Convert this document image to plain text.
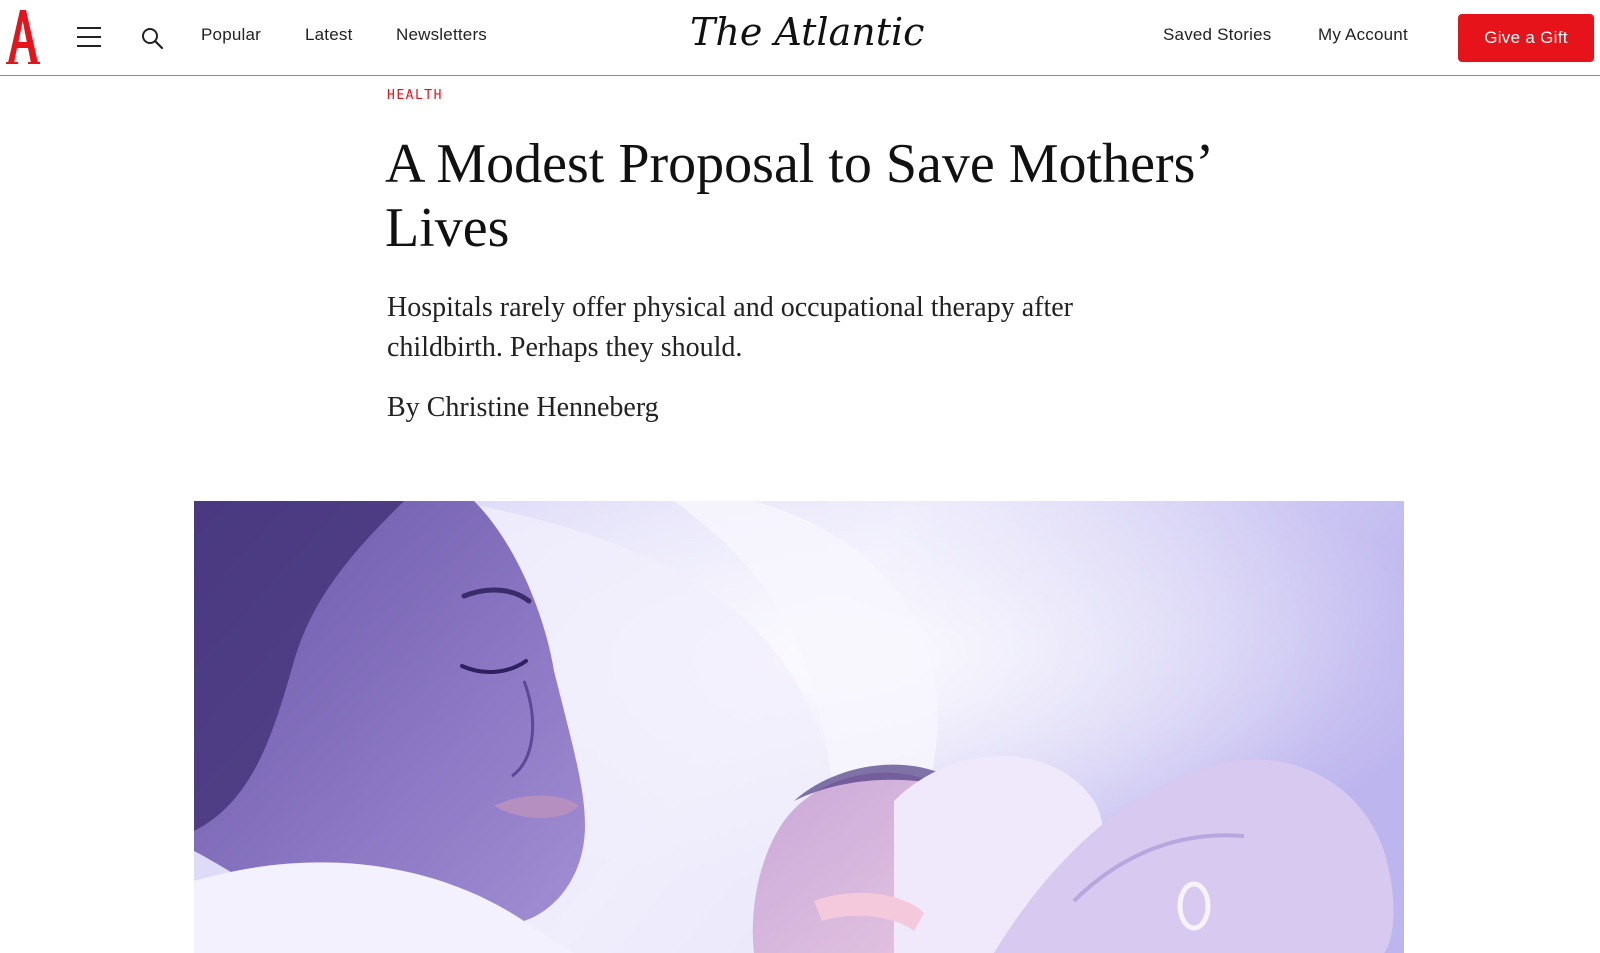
Popular	Latest	Newsletters	The Atlantic	Saved Stories	My Account	Give a Gift
HEALTH
A Modest Proposal to Save Mothers’ Lives

Hospitals rarely offer physical and occupational therapy after childbirth. Perhaps they should.

By Christine Henneberg
